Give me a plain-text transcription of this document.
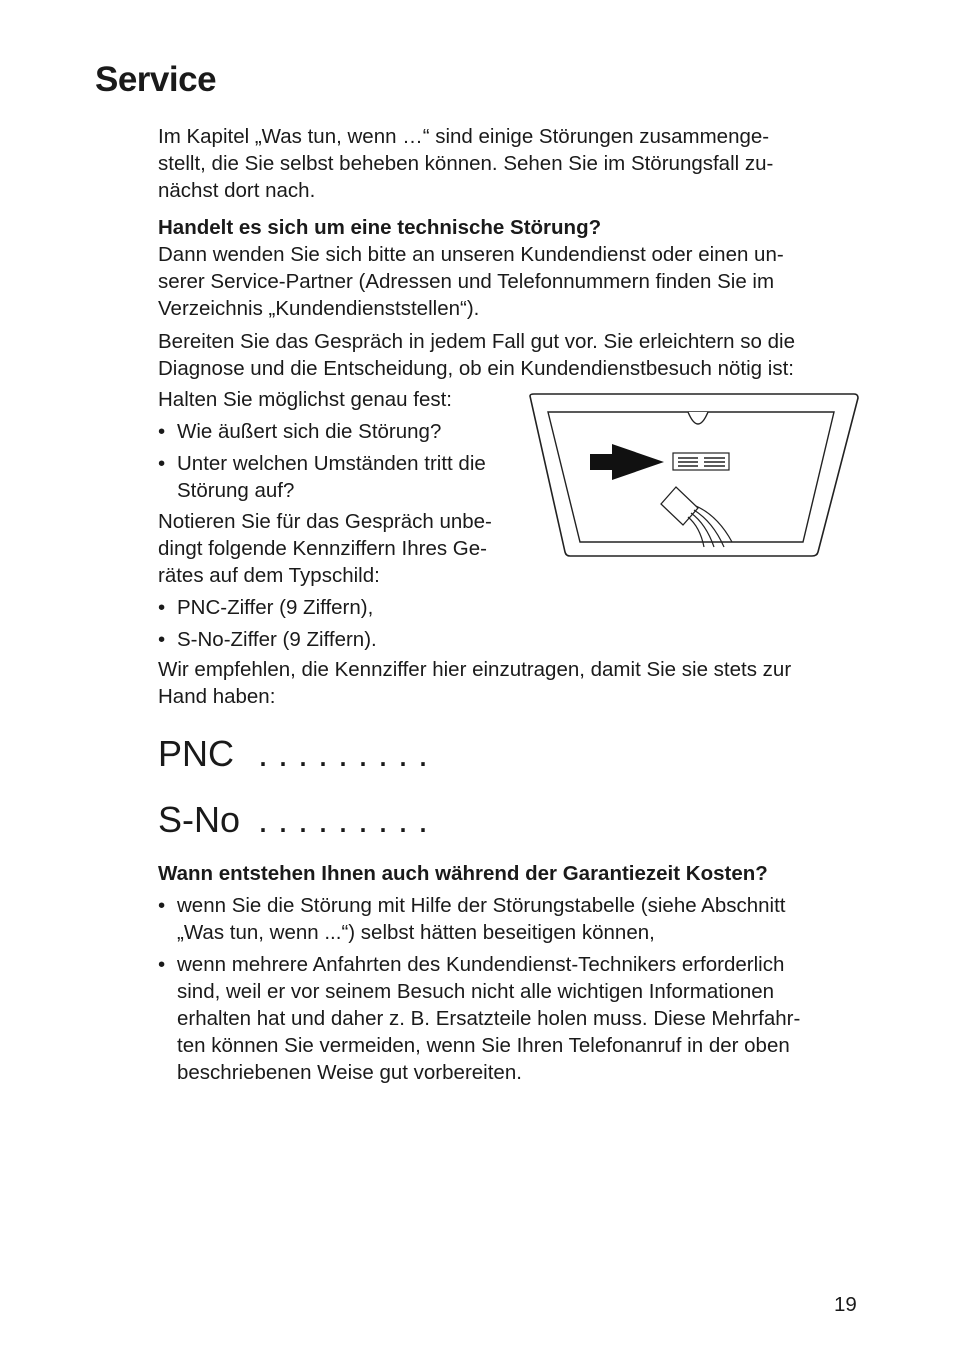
Service
Im Kapitel „Was tun, wenn …“ sind einige Störungen zusammenge-
stellt, die Sie selbst beheben können. Sehen Sie im Störungsfall zu-
nächst dort nach.
Handelt es sich um eine technische Störung?
Dann wenden Sie sich bitte an unseren Kundendienst oder einen un-
serer Service-Partner (Adressen und Telefonnummern finden Sie im
Verzeichnis „Kundendienststellen“).
Bereiten Sie das Gespräch in jedem Fall gut vor. Sie erleichtern so die
Diagnose und die Entscheidung, ob ein Kundendienstbesuch nötig ist:
Halten Sie möglichst genau fest:
• Wie äußert sich die Störung?
• Unter welchen Umständen tritt die
Störung auf?
Notieren Sie für das Gespräch unbe-
dingt folgende Kennziffern Ihres Ge-
rätes auf dem Typschild:
• PNC-Ziffer (9 Ziffern),
• S-No-Ziffer (9 Ziffern).
Wir empfehlen, die Kennziffer hier einzutragen, damit Sie sie stets zur
Hand haben:
PNC . . . . . . . . .
S-No . . . . . . . . .
Wann entstehen Ihnen auch während der Garantiezeit Kosten?
• wenn Sie die Störung mit Hilfe der Störungstabelle (siehe Abschnitt
„Was tun, wenn ...“) selbst hätten beseitigen können,
• wenn mehrere Anfahrten des Kundendienst-Technikers erforderlich
sind, weil er vor seinem Besuch nicht alle wichtigen Informationen
erhalten hat und daher z. B. Ersatzteile holen muss. Diese Mehrfahr-
ten können Sie vermeiden, wenn Sie Ihren Telefonanruf in der oben
beschriebenen Weise gut vorbereiten.
19
